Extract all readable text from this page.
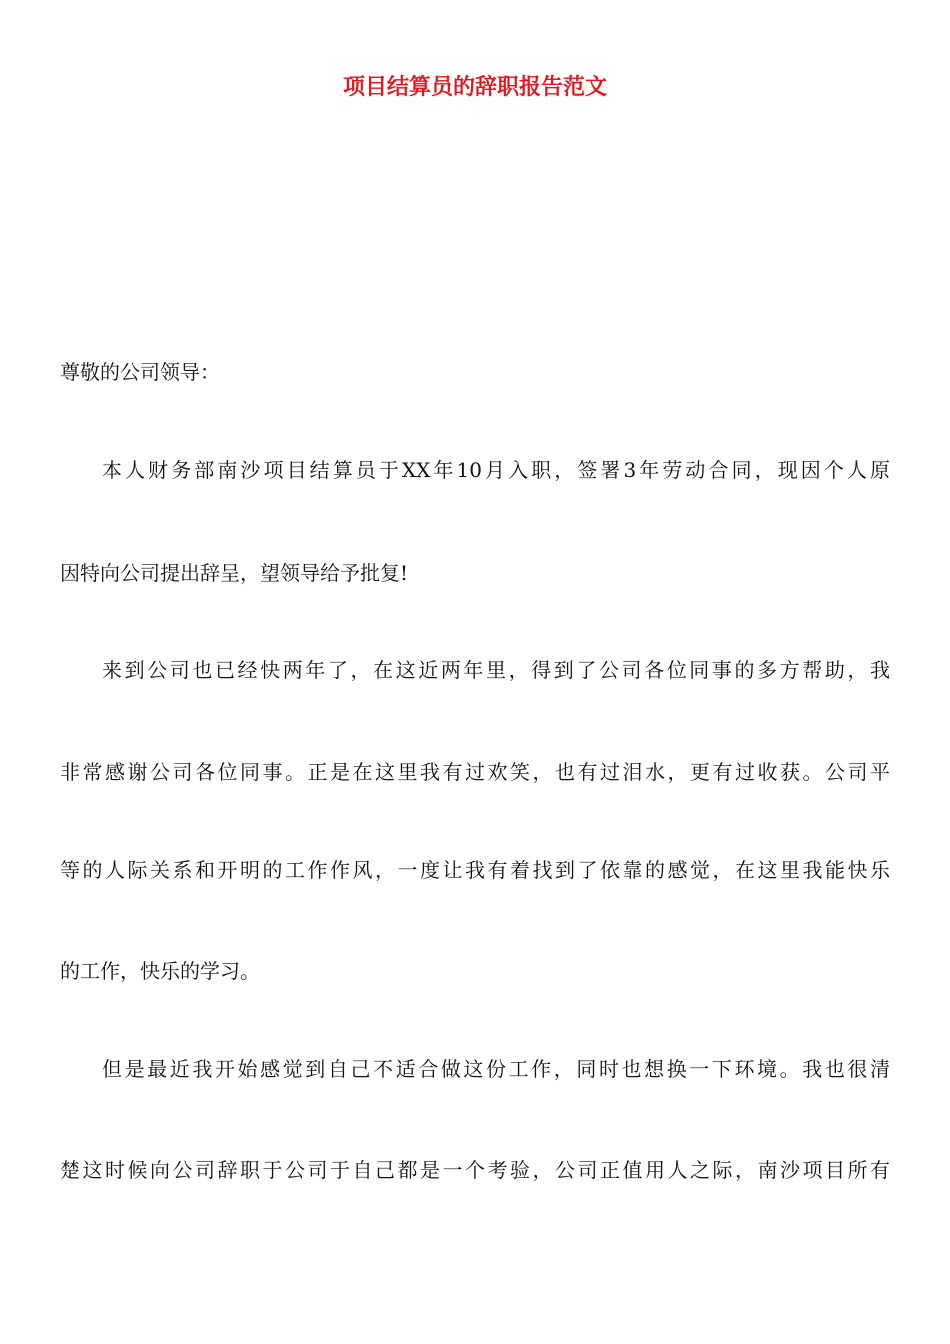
项目结算员的辞职报告范文
尊敬的公司领导：
本人财务部南沙项目结算员于XX年10月入职，签署3年劳动合同，现因个人原
因特向公司提出辞呈，望领导给予批复!
来到公司也已经快两年了，在这近两年里，得到了公司各位同事的多方帮助，我
非常感谢公司各位同事。正是在这里我有过欢笑，也有过泪水，更有过收获。公司平
等的人际关系和开明的工作作风，一度让我有着找到了依靠的感觉，在这里我能快乐
的工作，快乐的学习。
但是最近我开始感觉到自己不适合做这份工作，同时也想换一下环境。我也很清
楚这时候向公司辞职于公司于自己都是一个考验，公司正值用人之际，南沙项目所有
